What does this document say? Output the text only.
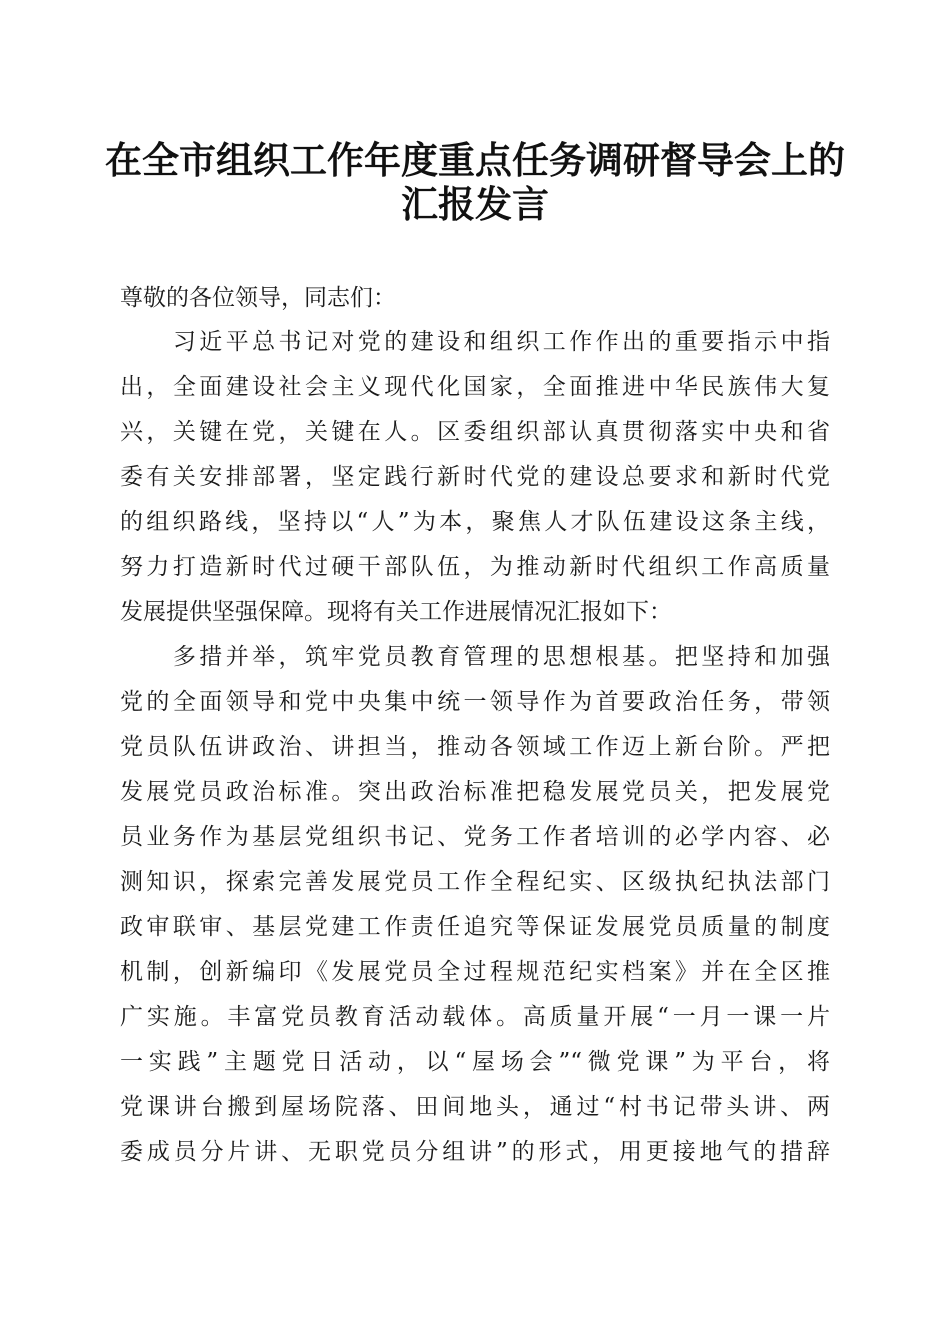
在全市组织工作年度重点任务调研督导会上的
汇报发言

尊敬的各位领导，同志们：

　　习近平总书记对党的建设和组织工作作出的重要指示中指

出，全面建设社会主义现代化国家，全面推进中华民族伟大复

兴，关键在党，关键在人。区委组织部认真贯彻落实中央和省

委有关安排部署，坚定践行新时代党的建设总要求和新时代党

的组织路线，坚持以“人”为本，聚焦人才队伍建设这条主线，

努力打造新时代过硬干部队伍，为推动新时代组织工作高质量

发展提供坚强保障。现将有关工作进展情况汇报如下：

　　多措并举，筑牢党员教育管理的思想根基。把坚持和加强

党的全面领导和党中央集中统一领导作为首要政治任务，带领

党员队伍讲政治、讲担当，推动各领域工作迈上新台阶。严把

发展党员政治标准。突出政治标准把稳发展党员关，把发展党

员业务作为基层党组织书记、党务工作者培训的必学内容、必

测知识，探索完善发展党员工作全程纪实、区级执纪执法部门

政审联审、基层党建工作责任追究等保证发展党员质量的制度

机制，创新编印《发展党员全过程规范纪实档案》并在全区推

广实施。丰富党员教育活动载体。高质量开展“一月一课一片

一实践”主题党日活动，以“屋场会”“微党课”为平台，将

党课讲台搬到屋场院落、田间地头，通过“村书记带头讲、两

委成员分片讲、无职党员分组讲”的形式，用更接地气的措辞
